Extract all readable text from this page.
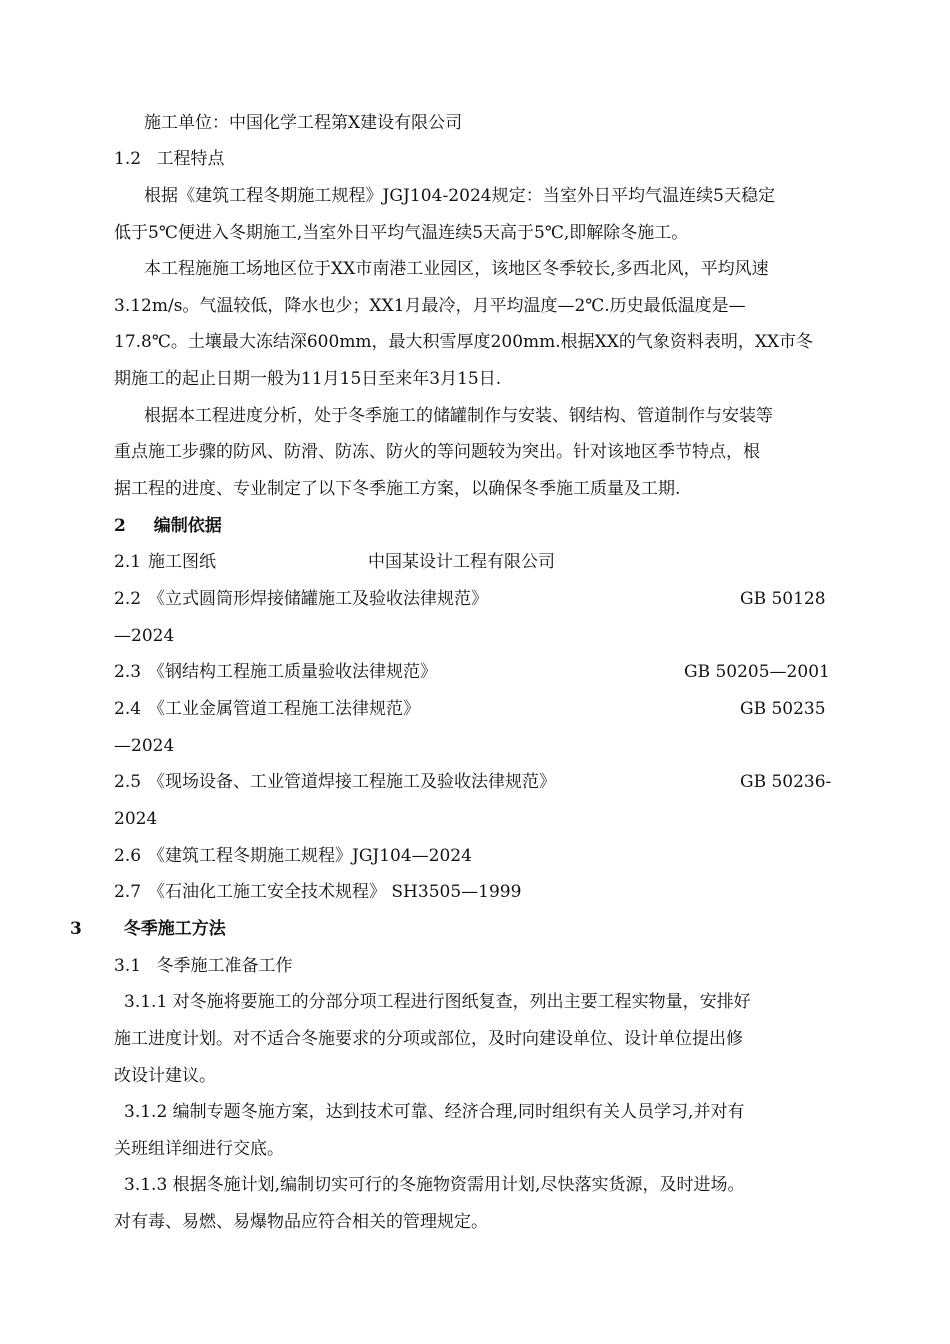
施工单位：中国化学工程第X建设有限公司
1.2 工程特点
根据《建筑工程冬期施工规程》JGJ104-2024规定：当室外日平均气温连续5天稳定
低于5℃便进入冬期施工,当室外日平均气温连续5天高于5℃,即解除冬施工。
本工程施施工场地区位于XX市南港工业园区，该地区冬季较长,多西北风，平均风速
3.12m/s。气温较低，降水也少；XX1月最冷，月平均温度—2℃.历史最低温度是—
17.8℃。土壤最大冻结深600mm，最大积雪厚度200mm.根据XX的气象资料表明，XX市冬
期施工的起止日期一般为11月15日至来年3月15日.
根据本工程进度分析，处于冬季施工的储罐制作与安装、钢结构、管道制作与安装等
重点施工步骤的防风、防滑、防冻、防火的等问题较为突出。针对该地区季节特点，根
据工程的进度、专业制定了以下冬季施工方案，以确保冬季施工质量及工期.
2 编制依据
2.1 施工图纸	中国某设计工程有限公司
2.2 《立式圆筒形焊接储罐施工及验收法律规范》	GB 50128
—2024
2.3 《钢结构工程施工质量验收法律规范》	GB 50205—2001
2.4 《工业金属管道工程施工法律规范》	GB 50235
—2024
2.5 《现场设备、工业管道焊接工程施工及验收法律规范》	GB 50236-
2024
2.6 《建筑工程冬期施工规程》JGJ104—2024
2.7 《石油化工施工安全技术规程》 SH3505—1999
3 冬季施工方法
3.1 冬季施工准备工作
3.1.1 对冬施将要施工的分部分项工程进行图纸复查，列出主要工程实物量，安排好
施工进度计划。对不适合冬施要求的分项或部位，及时向建设单位、设计单位提出修
改设计建议。
3.1.2 编制专题冬施方案，达到技术可靠、经济合理,同时组织有关人员学习,并对有
关班组详细进行交底。
3.1.3 根据冬施计划,编制切实可行的冬施物资需用计划,尽快落实货源，及时进场。
对有毒、易燃、易爆物品应符合相关的管理规定。
